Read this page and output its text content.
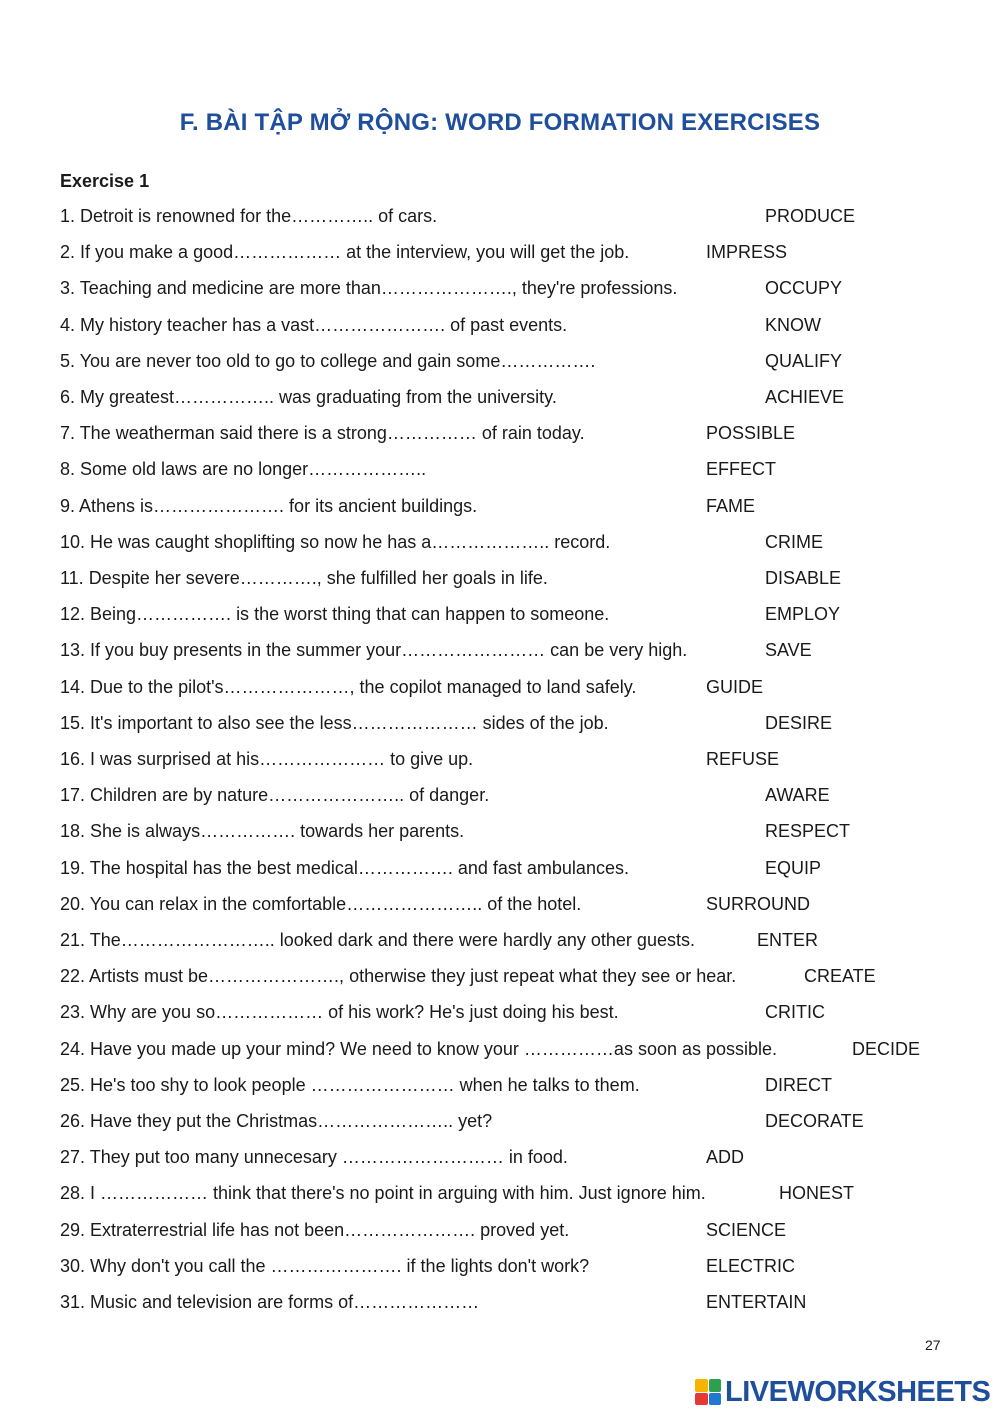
F. BÀI TẬP MỞ RỘNG: WORD FORMATION EXERCISES
Exercise 1
1. Detroit is renowned for the………….. of cars.	PRODUCE
2. If you make a good……………… at the interview, you will get the job.	IMPRESS
3. Teaching and medicine are more than…………………., they're professions.	OCCUPY
4. My history teacher has a vast…………………. of past events.	KNOW
5. You are never too old to go to college and gain some…………….	QUALIFY
6. My greatest…………….. was graduating from the university.	ACHIEVE
7. The weatherman said there is a strong…………… of rain today.	POSSIBLE
8. Some old laws are no longer………………..	EFFECT
9. Athens is…………………. for its ancient buildings.	FAME
10. He was caught shoplifting so now he has a……………….. record.	CRIME
11. Despite her severe…………., she fulfilled her goals in life.	DISABLE
12. Being……………. is the worst thing that can happen to someone.	EMPLOY
13. If you buy presents in the summer your…………………… can be very high.	SAVE
14. Due to the pilot's…………………, the copilot managed to land safely.	GUIDE
15. It's important to also see the less………………… sides of the job.	DESIRE
16. I was surprised at his………………… to give up.	REFUSE
17. Children are by nature………………….. of danger.	AWARE
18. She is always……………. towards her parents.	RESPECT
19. The hospital has the best medical……………. and fast ambulances.	EQUIP
20. You can relax in the comfortable………………….. of the hotel.	SURROUND
21. The…………………….. looked dark and there were hardly any other guests.	ENTER
22. Artists must be…………………., otherwise they just repeat what they see or hear.	CREATE
23. Why are you so……………… of his work? He's just doing his best.	CRITIC
24. Have you made up your mind? We need to know your ……………as soon as possible.	DECIDE
25. He's too shy to look people …………………… when he talks to them.	DIRECT
26. Have they put the Christmas………………….. yet?	DECORATE
27. They put too many unnecesary ……………………… in food.	ADD
28. I ……………… think that there's no point in arguing with him. Just ignore him.	HONEST
29. Extraterrestrial life has not been…………………. proved yet.	SCIENCE
30. Why don't you call the …………………. if the lights don't work?	ELECTRIC
31. Music and television are forms of…………………	ENTERTAIN
27
LIVEWORKSHEETS
